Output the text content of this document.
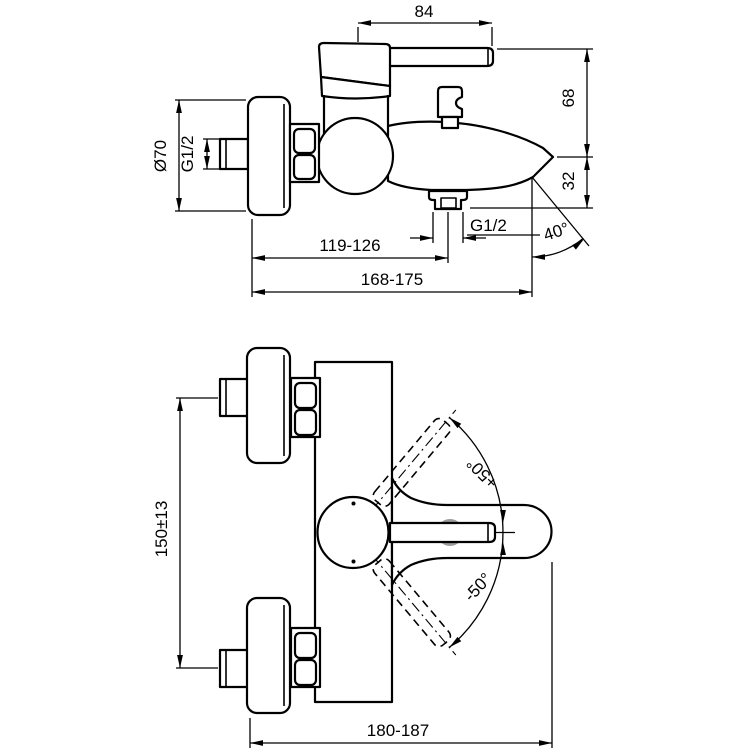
84
68
32
Ø70 G1/2
119-126
168-175
G1/2 40°
+50°
-50°
150±13
180-187
